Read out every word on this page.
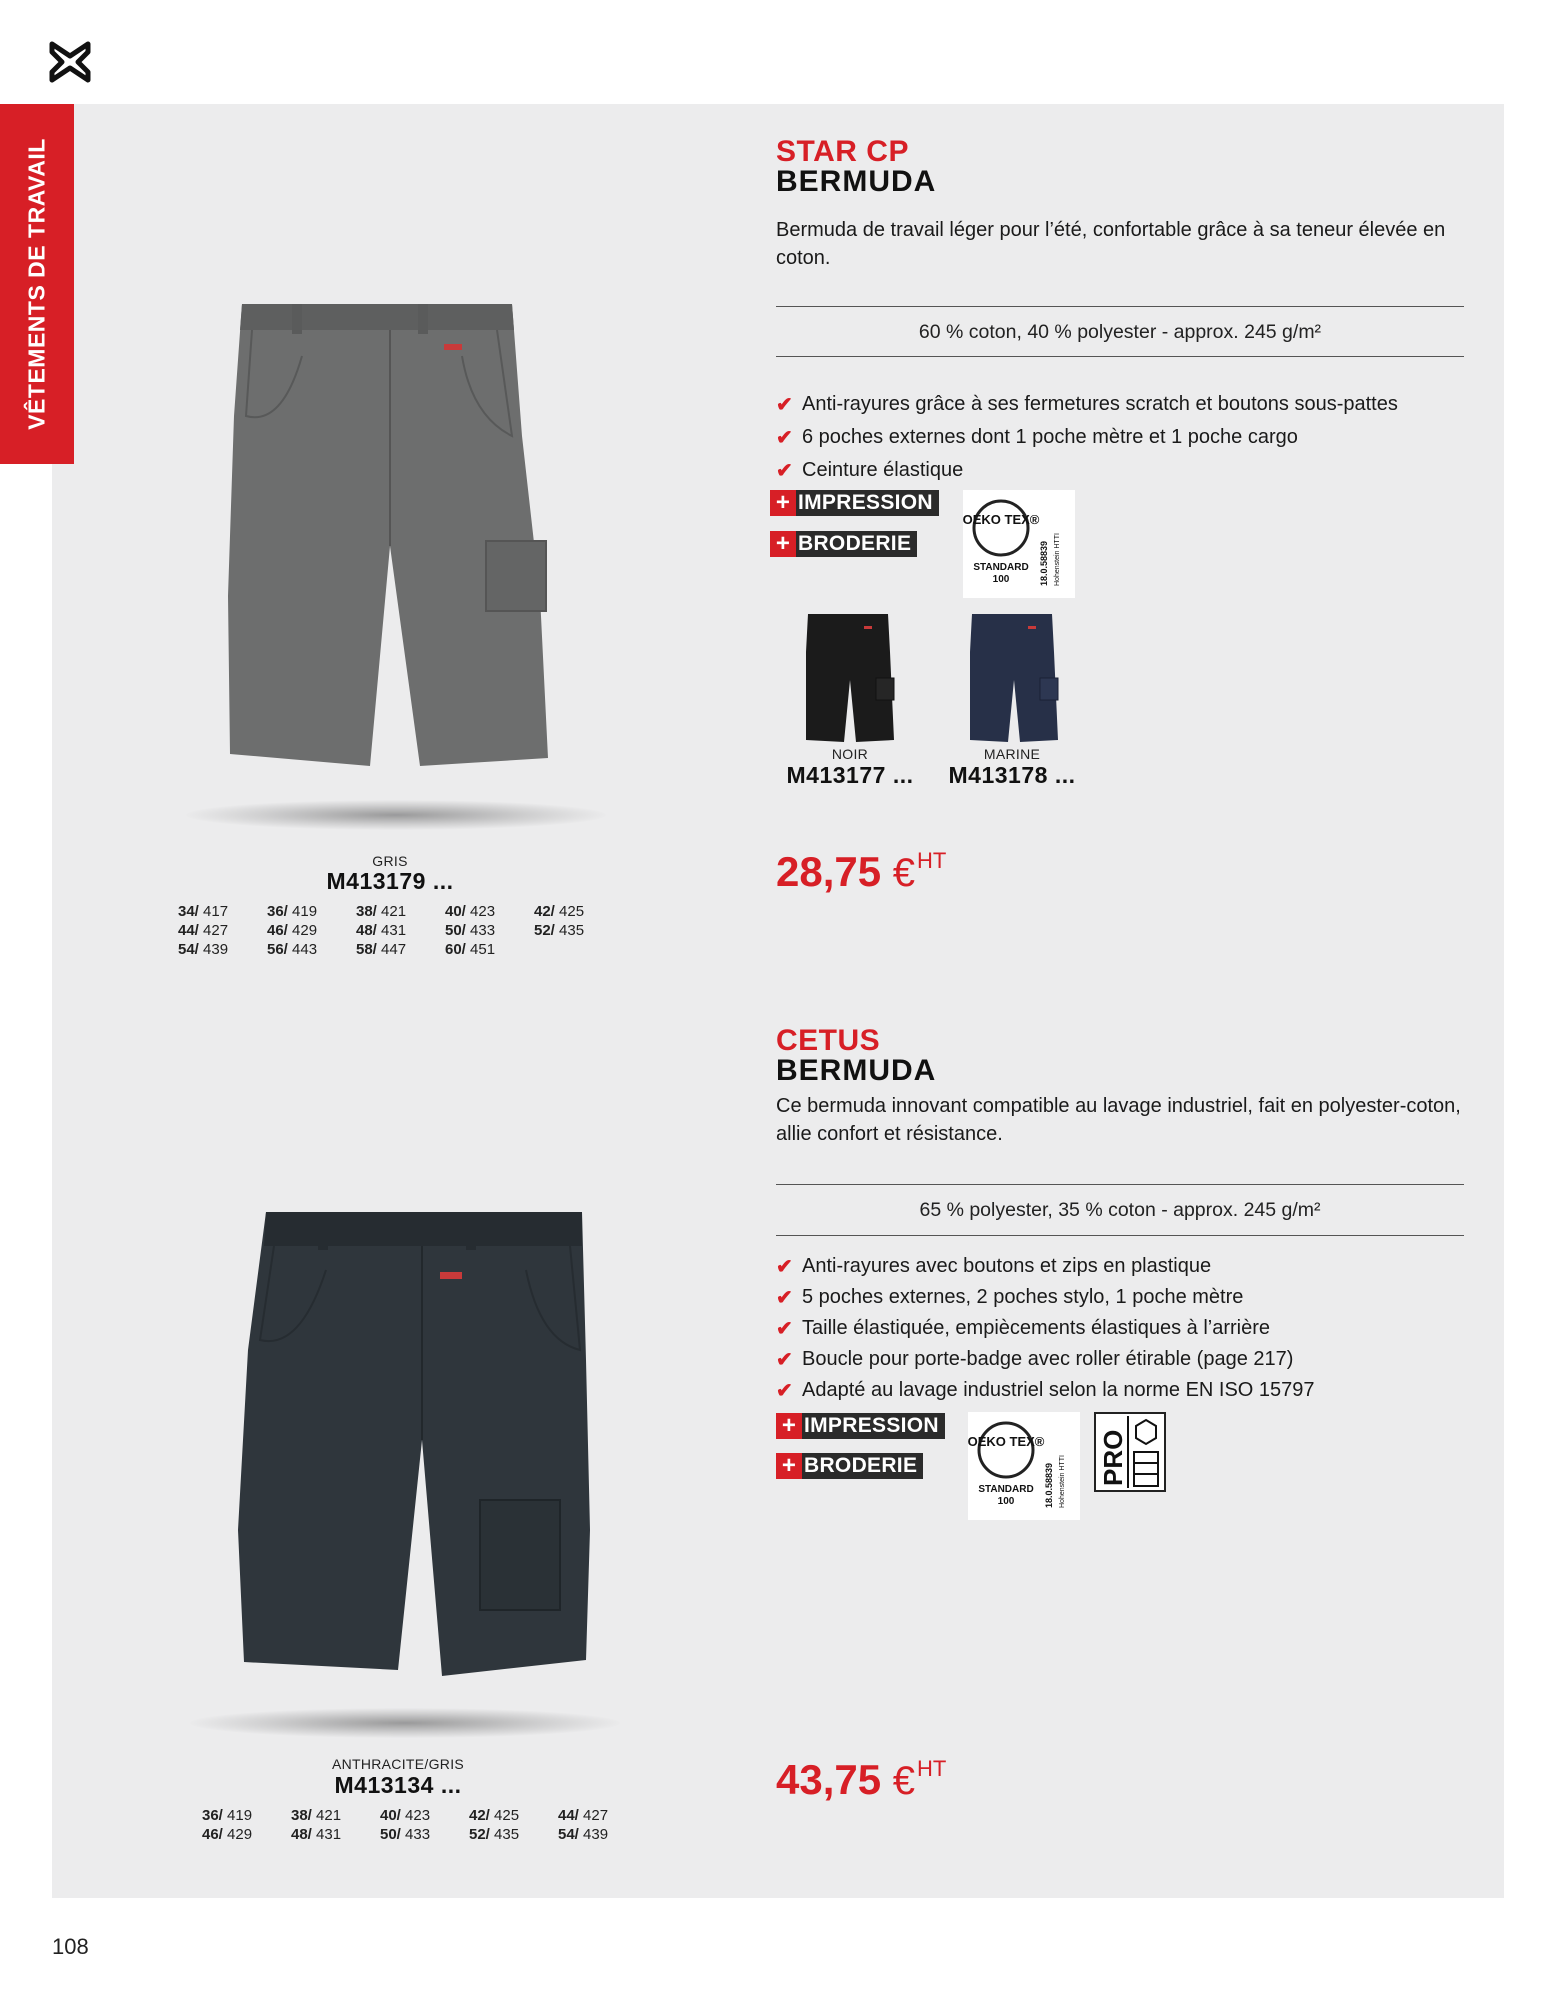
VÊTEMENTS DE TRAVAIL
GRIS
M413179 ...
34/ 417	36/ 419	38/ 421	40/ 423	42/ 425
44/ 427	46/ 429	48/ 431	50/ 433	52/ 435
54/ 439	56/ 443	58/ 447	60/ 451
STAR CP
BERMUDA
Bermuda de travail léger pour l’été, confortable grâce à sa teneur élevée en coton.
60 % coton, 40 % polyester - approx. 245 g/m²
✔ Anti-rayures grâce à ses fermetures scratch et boutons sous-pattes
✔ 6 poches externes dont 1 poche mètre et 1 poche cargo
✔ Ceinture élastique
+ IMPRESSION
+ BRODERIE
OEKO TEX®
STANDARD
100	18.0.58839 Hohenstein HTTI
NOIR
M413177 ...
MARINE
M413178 ...
28,75 €$^{HT}$
ANTHRACITE/GRIS
M413134 ...
36/ 419	38/ 421	40/ 423	42/ 425	44/ 427
46/ 429	48/ 431	50/ 433	52/ 435	54/ 439
CETUS
BERMUDA
Ce bermuda innovant compatible au lavage industriel, fait en polyester-coton, allie confort et résistance.
65 % polyester, 35 % coton - approx. 245 g/m²
✔ Anti-rayures avec boutons et zips en plastique
✔ 5 poches externes, 2 poches stylo, 1 poche mètre
✔ Taille élastiquée, empiècements élastiques à l’arrière
✔ Boucle pour porte-badge avec roller étirable (page 217)
✔ Adapté au lavage industriel selon la norme EN ISO 15797
+ IMPRESSION
+ BRODERIE
OEKO TEX®
STANDARD
100	18.0.58839 Hohenstein HTTI PRO
43,75 €$^{HT}$
108
